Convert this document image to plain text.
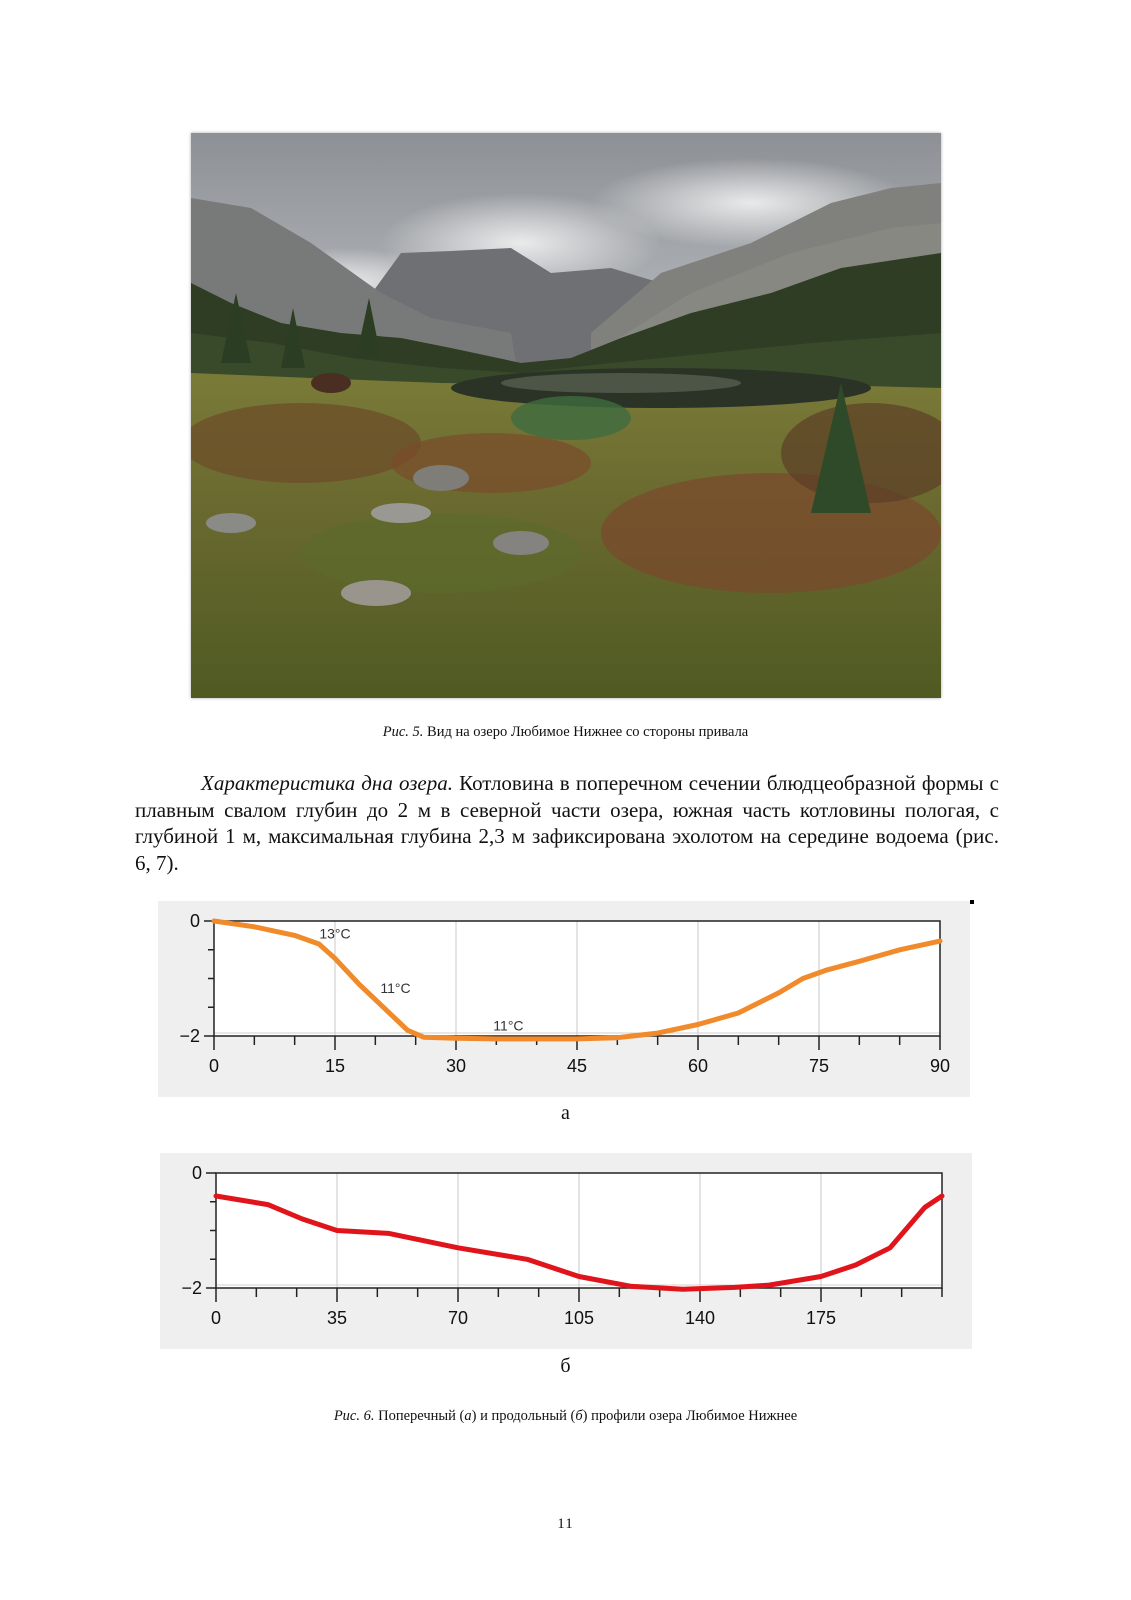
Рис. 5. Вид на озеро Любимое Нижнее со стороны привала
Характеристика дна озера. Котловина в поперечном сечении блюдцеобразной формы с плавным свалом глубин до 2 м в северной части озера, южная часть котловины пологая, с глубиной 1 м, максимальная глубина 2,3 м зафиксирована эхолотом на середине водоема (рис. 6, 7).
0	15	30	45	60	75	90
0
−2
13°C
11°C
11°C
а
0	35	70	105	140	175
0
−2
б
Рис. 6. Поперечный (а) и продольный (б) профили озера Любимое Нижнее
11
